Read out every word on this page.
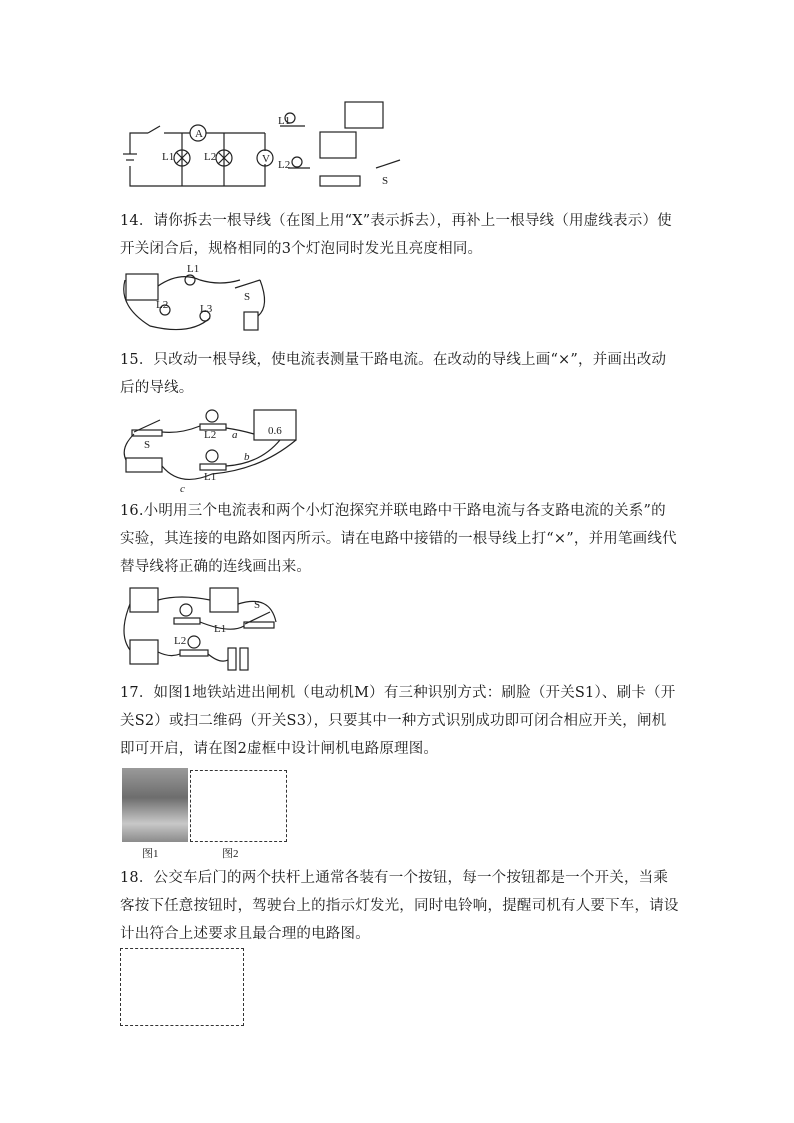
A
V
L1	L2
L1
L2
S
14．请你拆去一根导线（在图上用“X”表示拆去），再补上一根导线（用虚线表示）使开关闭合后，规格相同的3个灯泡同时发光且亮度相同。
L1
L2	L3
S
15．只改动一根导线，使电流表测量干路电流。在改动的导线上画“×”，并画出改动后的导线。
S
L2
L1
a
b
c
0.6
16.小明用三个电流表和两个小灯泡探究并联电路中干路电流与各支路电流的关系”的实验，其连接的电路如图丙所示。请在电路中接错的一根导线上打“×”，并用笔画线代替导线将正确的连线画出来。
L1
L2
S
17．如图1地铁站进出闸机（电动机M）有三种识别方式：刷脸（开关S1）、刷卡（开关S2）或扫二维码（开关S3），只要其中一种方式识别成功即可闭合相应开关，闸机即可开启，请在图2虚框中设计闸机电路原理图。
图1	图2
18．公交车后门的两个扶杆上通常各装有一个按钮，每一个按钮都是一个开关，当乘客按下任意按钮时，驾驶台上的指示灯发光，同时电铃响，提醒司机有人要下车，请设计出符合上述要求且最合理的电路图。
